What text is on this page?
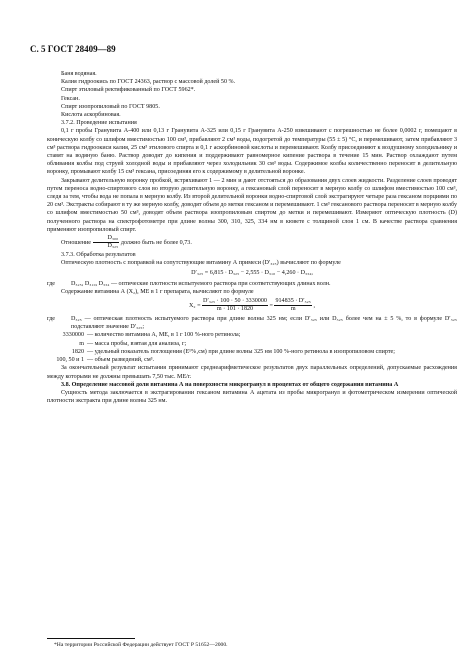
С. 5 ГОСТ 28409—89

Баня водяная.

Калия гидроокись по ГОСТ 24363, раствор с массовой долей 50 %.

Спирт этиловый ректификованный по ГОСТ 5962*.

Гексан.

Спирт изопропиловый по ГОСТ 9805.

Кислота аскорбиновая.

3.7.2. Проведение испытания

0,1 г пробы Гранувита А-400 или 0,13 г Гранувита А-325 или 0,15 г Гранувита А-250 взвешивают с погрешностью не более 0,0002 г, помещают в коническую колбу со шлифом вместимостью 100 см³, прибавляют 2 см³ воды, подогретой до температуры (55 ± 5) °С, и перемешивают, затем прибавляют 3 см³ раствора гидроокиси калия, 25 см³ этилового спирта и 0,1 г аскорбиновой кислоты и перемешивают. Колбу присоединяют к воздушному холодильнику и ставят на водяную баню. Раствор доводят до кипения и поддерживают равномерное кипение раствора в течение 15 мин. Раствор охлаждают путем обливания колбы под струей холодной воды и прибавляют через холодильник 30 см³ воды. Содержимое колбы количественно переносят в делительную воронку, промывают колбу 15 см³ гексана, присоединяя его к содержимому в делительной воронке.

Закрывают делительную воронку пробкой, встряхивают 1 — 2 мин и дают отстояться до образования двух слоев жидкости. Разделение слоев проводят путем переноса водно-спиртового слоя во вторую делительную воронку, а гексановый слой переносят в мерную колбу со шлифом вместимостью 100 см³, следя за тем, чтобы вода не попала в мерную колбу. Из второй делительной воронки водно-спиртовой слой экстрагируют четыре раза гексаном порциями по 20 см³. Экстракты собирают в ту же мерную колбу, доводят объем до метки гексаном и перемешивают. 1 см³ гексанового раствора переносят в мерную колбу со шлифом вместимостью 50 см³, доводят объем раствора изопропиловым спиртом до метки и перемешивают. Измеряют оптическую плотность (D) полученного раствора на спектрофотометре при длине волны 300, 310, 325, 334 нм в кювете с толщиной слоя 1 см. В качестве раствора сравнения применяют изопропиловый спирт.

Отношение $\frac{\text{D₃₀₀}}{\text{D₃₂₅}}$ должно быть не более 0,73.

3.7.3. Обработка результатов

Оптическую плотность с поправкой на сопутствующие витамину А примеси (D′₃₂₅) вычисляют по формуле

D′₃₂₅ = 6,815 · D₃₂₅ − 2,555 · D₃₁₀ − 4,260 · D₃₃₄,

где	D₃₂₅, D₃₁₀, D₃₃₄ — оптические плотности испытуемого раствора при соответствующих длинах волн.

Содержание витамина А (X₂), МЕ в 1 г препарата, вычисляют по формуле

$X_2 = \frac{\text{D′₃₂₅ · 100 · 50 · 3330000}}{m \cdot 101 \cdot 1820} = \frac{\text{914835 · D′₃₂₅}}{m}$ ,

где	D₃₂₅ — оптическая плотность испытуемого раствора при длине волны 325 нм; если D′₃₂₅ или D₃₂₅ более чем на ± 5 %, то в формуле D′₃₂₅ подставляют значение D′₃₂₅;
3330000 — количество витамина А, МЕ, в 1 г 100 %-ного ретинола;
m — масса пробы, взятая для анализа, г;
1820 — удельный показатель поглощения (E¹%₁см) при длине волны 325 нм 100 %-ного ретинола в изопропиловом спирте;
100, 50 и 1 — объем разведений, см³.

За окончательный результат испытания принимают среднеарифметическое результатов двух параллельных определений, допускаемые расхождения между которыми не должны превышать 7,50 тыс. МЕ/г.

3.8. Определение массовой доли витамина А на поверхности микрогранул в процентах от общего содержания витамина А

Сущность метода заключается в экстрагировании гексаном витамина А ацетата из пробы микрогранул и фотометрическом измерении оптической плотности экстракта при длине волны 325 нм.

*На территории Российской Федерации действует ГОСТ Р 51652—2000.
